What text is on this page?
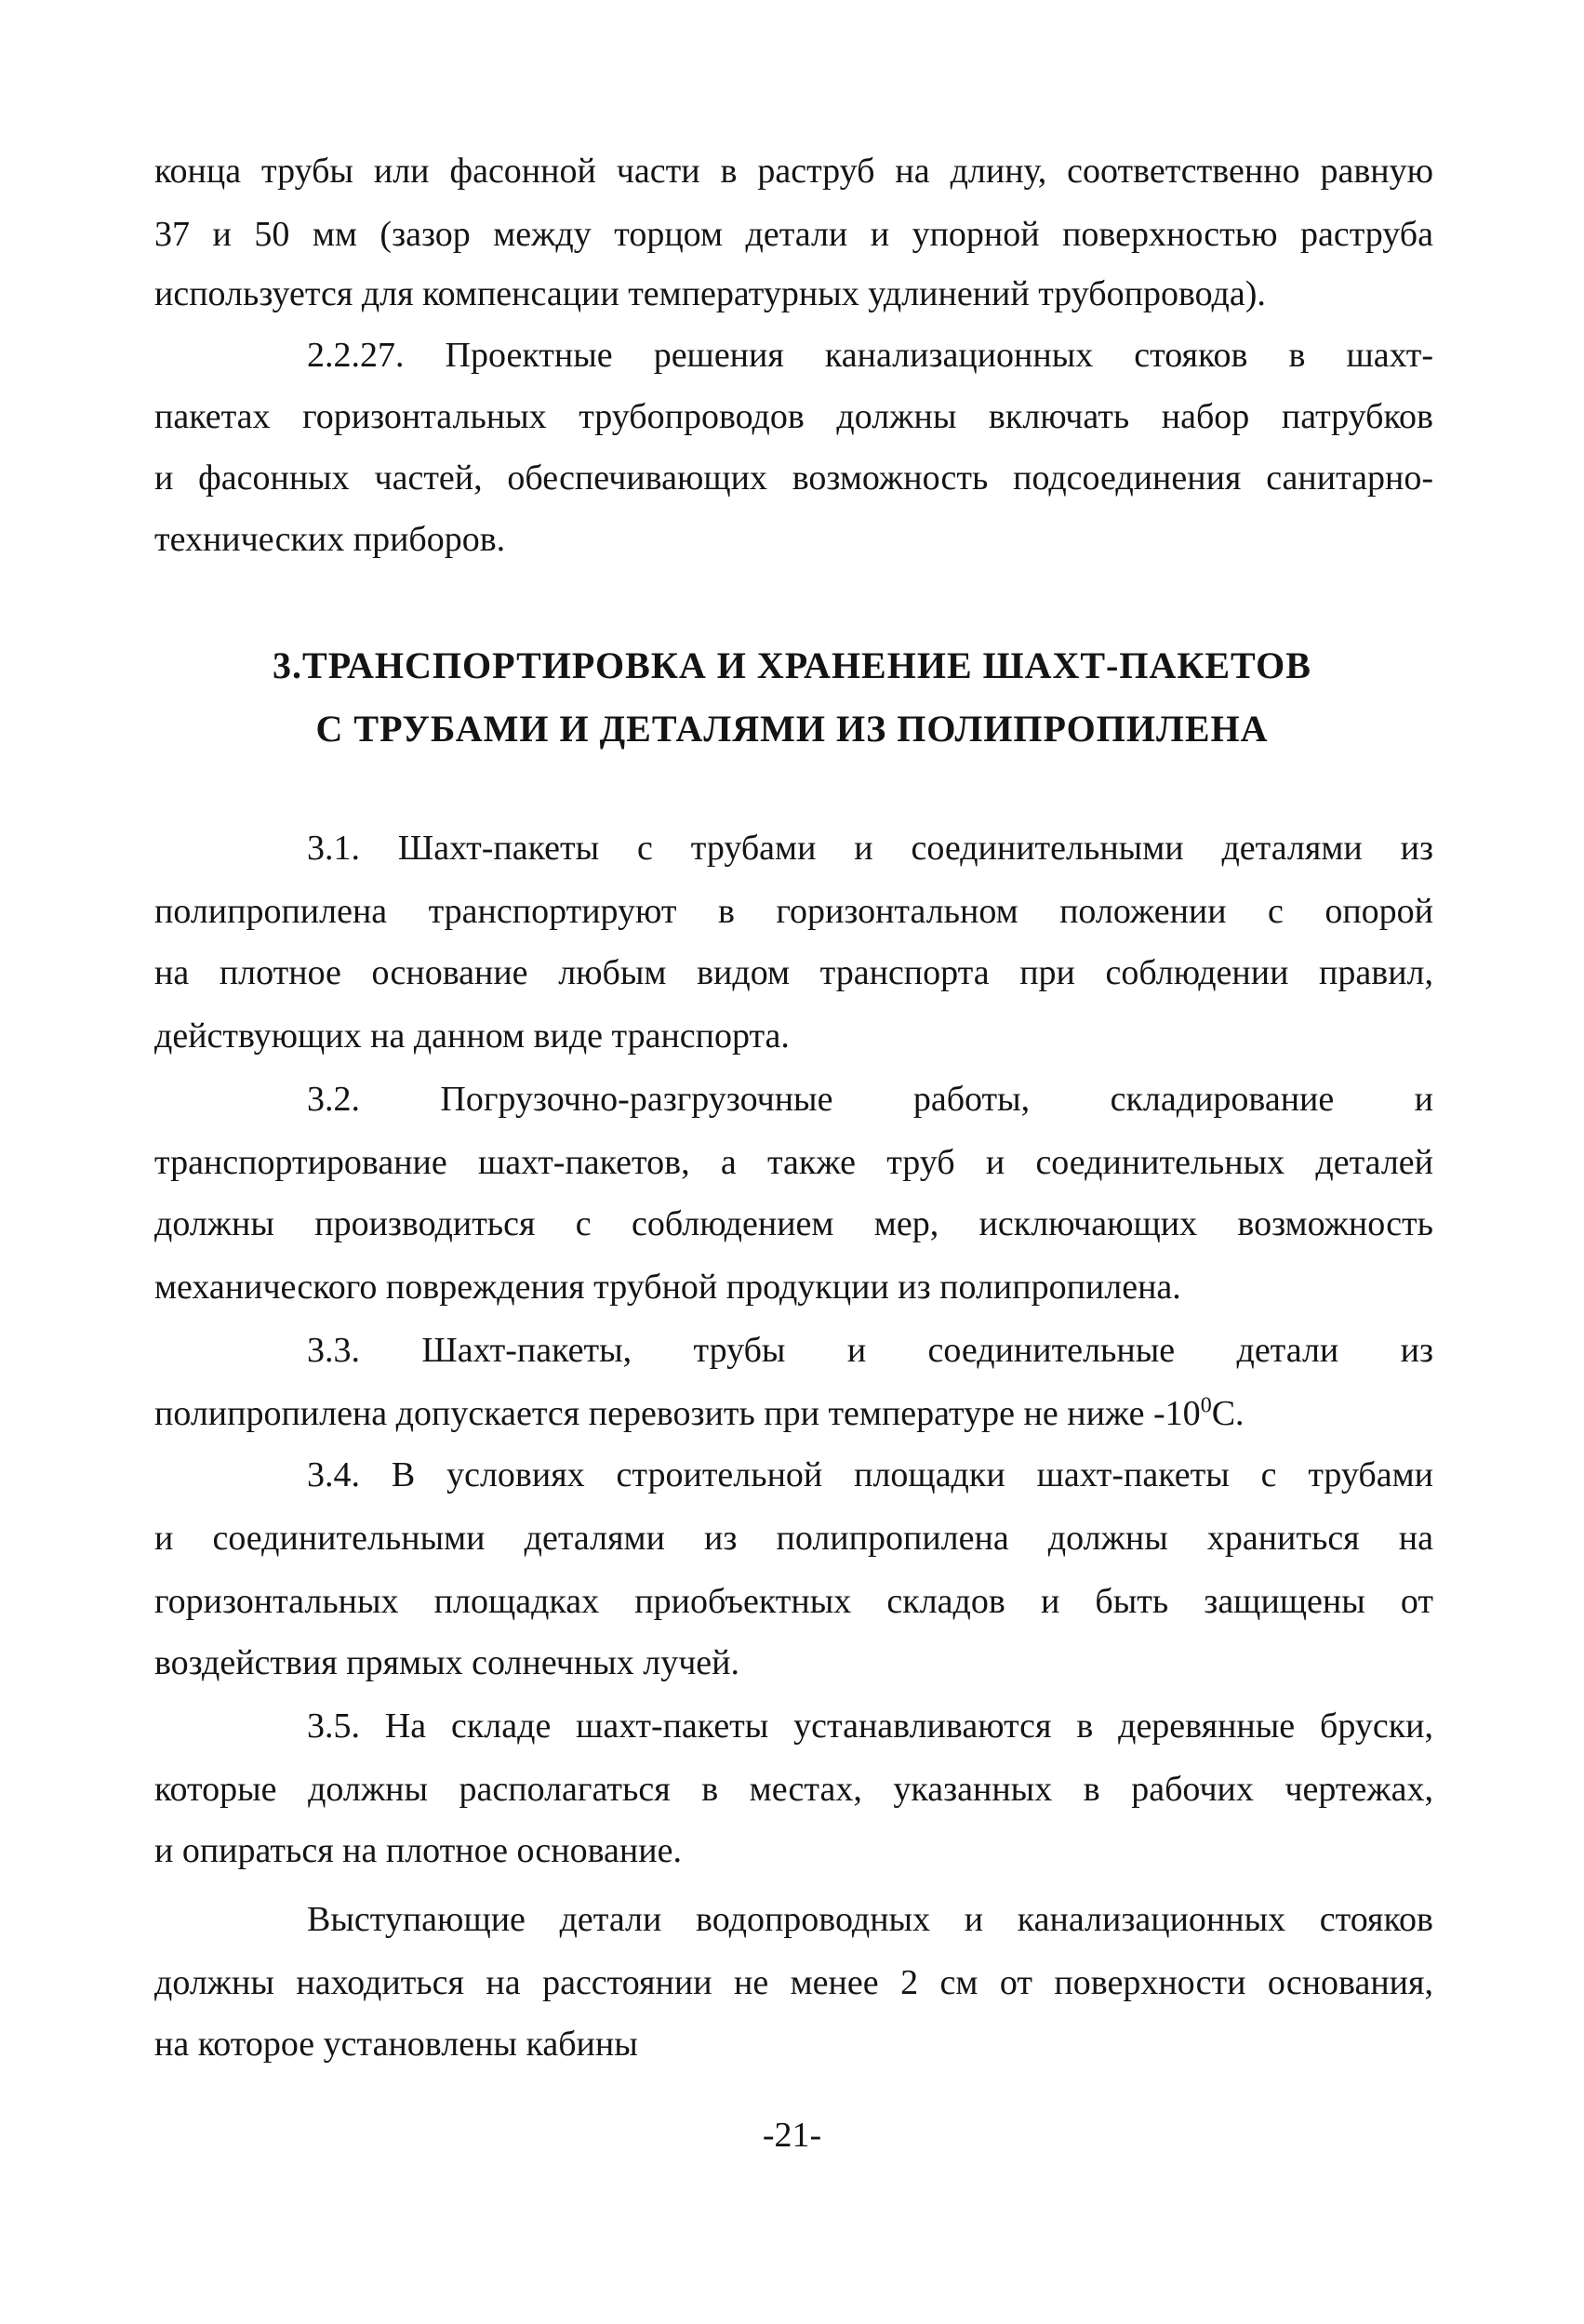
конца трубы или фасонной части в раструб на длину, соответственно равную
37 и 50 мм (зазор между торцом детали и упорной поверхностью раструба
используется для компенсации температурных удлинений трубопровода).
2.2.27. Проектные решения канализационных стояков в шахт-
пакетах горизонтальных трубопроводов должны включать набор патрубков
и фасонных частей, обеспечивающих возможность подсоединения санитарно-
технических приборов.
3.ТРАНСПОРТИРОВКА И ХРАНЕНИЕ ШАХТ-ПАКЕТОВ
С ТРУБАМИ И ДЕТАЛЯМИ ИЗ ПОЛИПРОПИЛЕНА
3.1. Шахт-пакеты с трубами и соединительными деталями из
полипропилена транспортируют в горизонтальном положении с опорой
на плотное основание любым видом транспорта при соблюдении правил,
действующих на данном виде транспорта.
3.2. Погрузочно-разгрузочные работы, складирование и
транспортирование шахт-пакетов, а также труб и соединительных деталей
должны производиться с соблюдением мер, исключающих возможность
механического повреждения трубной продукции из полипропилена.
3.3. Шахт-пакеты, трубы и соединительные детали из
полипропилена допускается перевозить при температуре не ниже $-10^0С$.
3.4. В условиях строительной площадки шахт-пакеты с трубами
и соединительными деталями из полипропилена должны храниться на
горизонтальных площадках приобъектных складов и быть защищены от
воздействия прямых солнечных лучей.
3.5. На складе шахт-пакеты устанавливаются в деревянные бруски,
которые должны располагаться в местах, указанных в рабочих чертежах,
и опираться на плотное основание.
Выступающие детали водопроводных и канализационных стояков
должны находиться на расстоянии не менее 2 см от поверхности основания,
на которое установлены кабины
-21-
